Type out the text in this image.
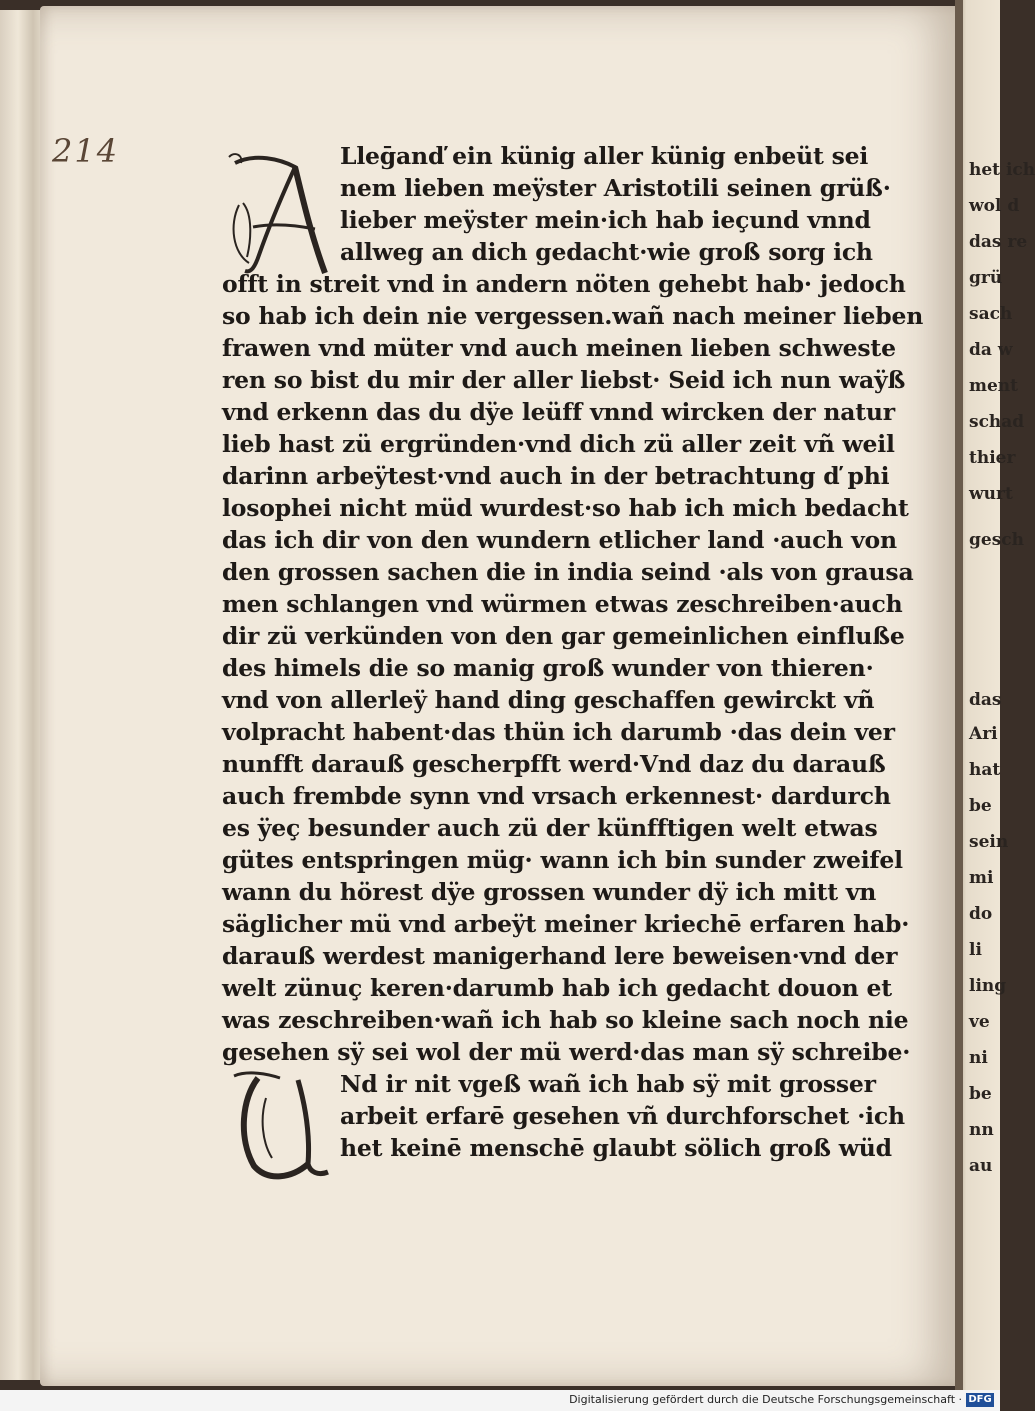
het ich
wol d
das re
grü
sach
da w
ment
schad
thier
wurt
gesch
das
Ari
hat
be
sein
mi
do
li
ling
ve
ni
be
nn
au
214	Lleḡanď ein künig aller künig enbeüt sei
nem lieben meÿster Aristotili seinen grüß·
lieber meÿster mein·ich hab ieçund vnnd
allweg an dich gedacht·wie groß sorg ich
offt in streit vnd in andern nöten gehebt hab· jedoch
so hab ich dein nie vergessen.wañ nach meiner lieben
frawen vnd müter vnd auch meinen lieben schweste
ren so bist du mir der aller liebst· Seid ich nun waÿß
vnd erkenn das du dÿe leüff vnnd wircken der natur
lieb hast zü ergründen·vnd dich zü aller zeit vñ weil
darinn arbeÿtest·vnd auch in der betrachtung ď phi
losophei nicht müd wurdest·so hab ich mich bedacht
das ich dir von den wundern etlicher land ·auch von
den grossen sachen die in india seind ·als von grausa
men schlangen vnd würmen etwas zeschreiben·auch
dir zü verkünden von den gar gemeinlichen einfluße
des himels die so manig groß wunder von thieren·
vnd von allerleÿ hand ding geschaffen gewirckt vñ
volpracht habent·das thün ich darumb ·das dein ver
nunfft darauß gescherpfft werd·Vnd daz du darauß
auch frembde synn vnd vrsach erkennest· dardurch
es ÿeç besunder auch zü der künfftigen welt etwas
gütes entspringen müg· wann ich bin sunder zweifel
wann du hörest dÿe grossen wunder dÿ ich mitt vn
säglicher mü vnd arbeÿt meiner kriechē erfaren hab·
darauß werdest manigerhand lere beweisen·vnd der
welt zünuç keren·darumb hab ich gedacht douon et
was zeschreiben·wañ ich hab so kleine sach noch nie
gesehen sÿ sei wol der mü werd·das man sÿ schreibe·
Nd ir nit vgeß wañ ich hab sÿ mit grosser
arbeit erfarē gesehen vñ durchforschet ·ich
het keinē menschē glaubt sölich groß wüd
Digitalisierung gefördert durch die Deutsche Forschungsgemeinschaft · DFG
